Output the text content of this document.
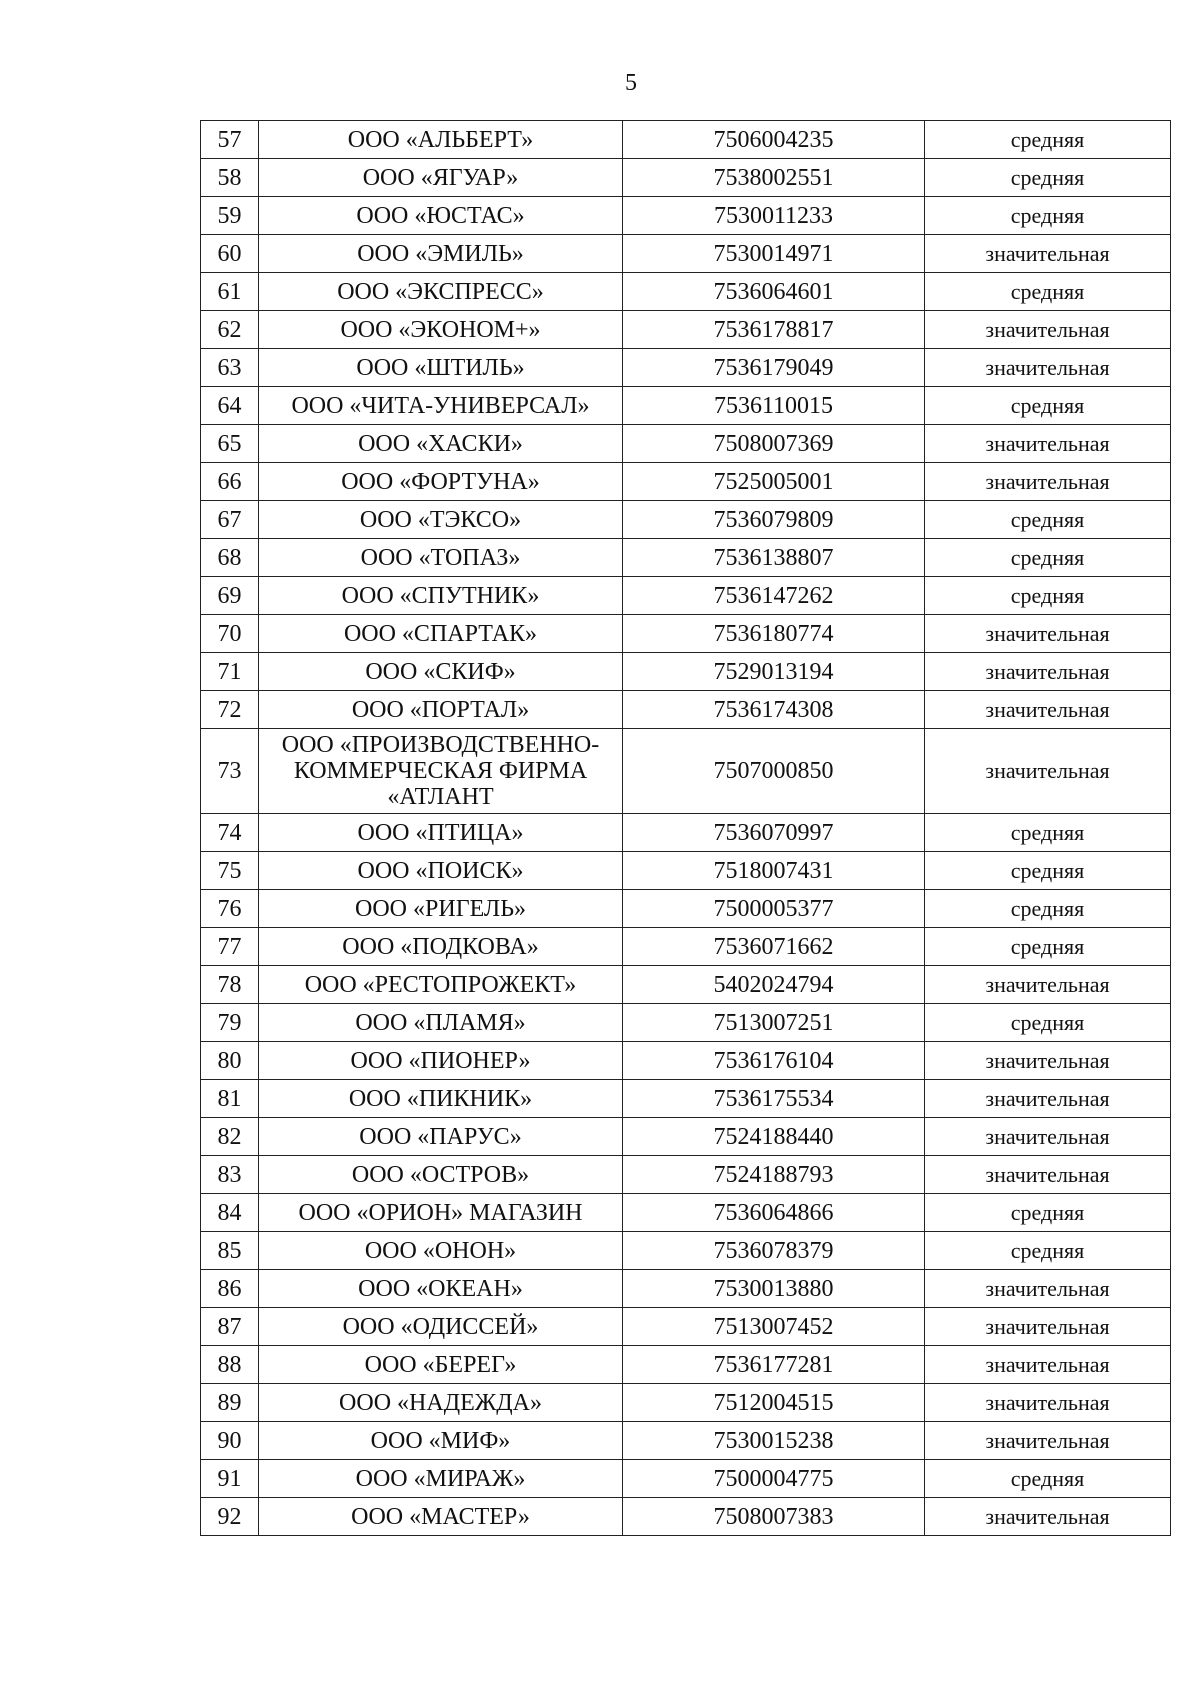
5
57	ООО «АЛЬБЕРТ»	7506004235	средняя
58	ООО «ЯГУАР»	7538002551	средняя
59	ООО «ЮСТАС»	7530011233	средняя
60	ООО «ЭМИЛЬ»	7530014971	значительная
61	ООО «ЭКСПРЕСС»	7536064601	средняя
62	ООО «ЭКОНОМ+»	7536178817	значительная
63	ООО «ШТИЛЬ»	7536179049	значительная
64	ООО «ЧИТА-УНИВЕРСАЛ»	7536110015	средняя
65	ООО «ХАСКИ»	7508007369	значительная
66	ООО «ФОРТУНА»	7525005001	значительная
67	ООО «ТЭКСО»	7536079809	средняя
68	ООО «ТОПАЗ»	7536138807	средняя
69	ООО «СПУТНИК»	7536147262	средняя
70	ООО «СПАРТАК»	7536180774	значительная
71	ООО «СКИФ»	7529013194	значительная
72	ООО «ПОРТАЛ»	7536174308	значительная
73	ООО «ПРОИЗВОДСТВЕННО-
КОММЕРЧЕСКАЯ ФИРМА
«АТЛАНТ	7507000850	значительная
74	ООО «ПТИЦА»	7536070997	средняя
75	ООО «ПОИСК»	7518007431	средняя
76	ООО «РИГЕЛЬ»	7500005377	средняя
77	ООО «ПОДКОВА»	7536071662	средняя
78	ООО «РЕСТОПРОЖЕКТ»	5402024794	значительная
79	ООО «ПЛАМЯ»	7513007251	средняя
80	ООО «ПИОНЕР»	7536176104	значительная
81	ООО «ПИКНИК»	7536175534	значительная
82	ООО «ПАРУС»	7524188440	значительная
83	ООО «ОСТРОВ»	7524188793	значительная
84	ООО «ОРИОН» МАГАЗИН	7536064866	средняя
85	ООО «ОНОН»	7536078379	средняя
86	ООО «ОКЕАН»	7530013880	значительная
87	ООО «ОДИССЕЙ»	7513007452	значительная
88	ООО «БЕРЕГ»	7536177281	значительная
89	ООО «НАДЕЖДА»	7512004515	значительная
90	ООО «МИФ»	7530015238	значительная
91	ООО «МИРАЖ»	7500004775	средняя
92	ООО «МАСТЕР»	7508007383	значительная
